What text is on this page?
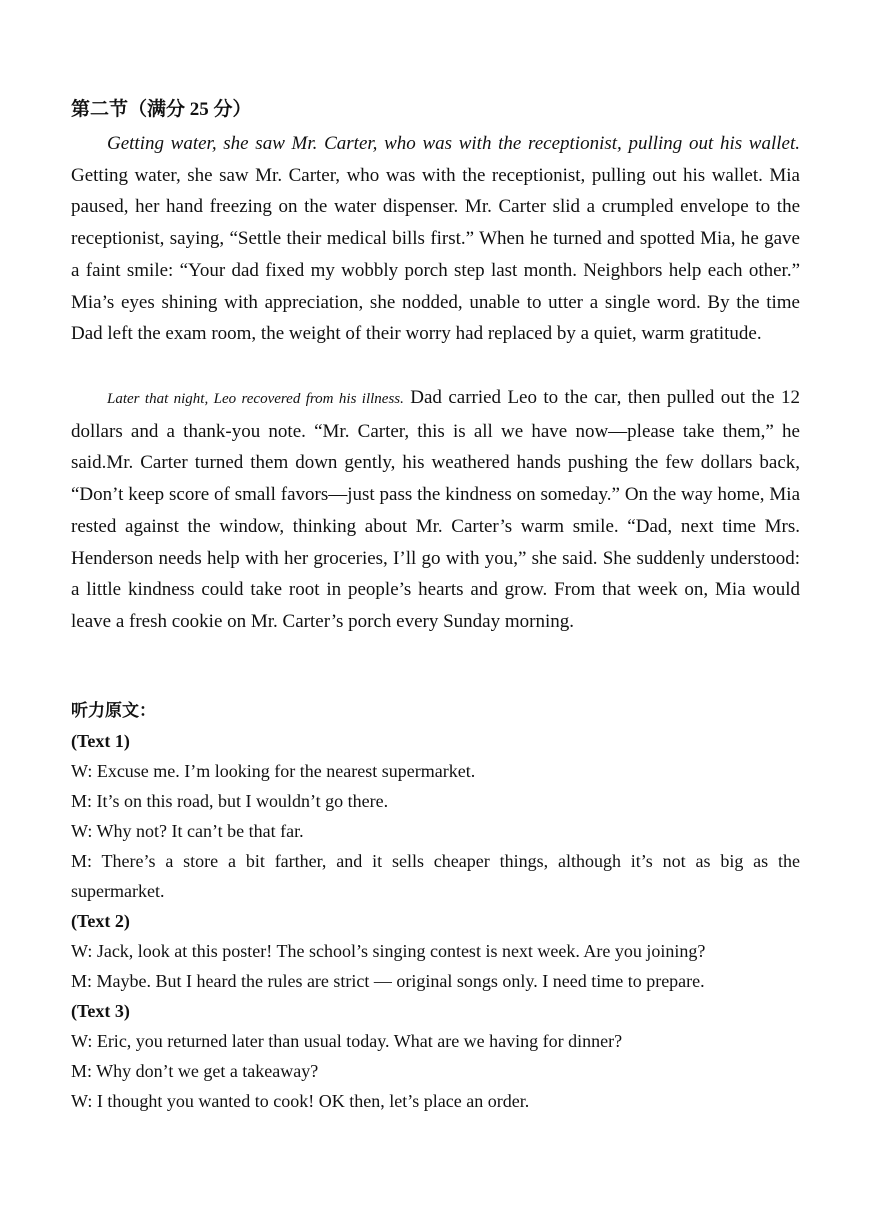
第二节（满分 25 分）

Getting water, she saw Mr. Carter, who was with the receptionist, pulling out his wallet. Getting water, she saw Mr. Carter, who was with the receptionist, pulling out his wallet. Mia paused, her hand freezing on the water dispenser. Mr. Carter slid a crumpled envelope to the receptionist, saying, “Settle their medical bills first.” When he turned and spotted Mia, he gave a faint smile: “Your dad fixed my wobbly porch step last month. Neighbors help each other.” Mia’s eyes shining with appreciation, she nodded, unable to utter a single word. By the time Dad left the exam room, the weight of their worry had replaced by a quiet, warm gratitude.

Later that night, Leo recovered from his illness. Dad carried Leo to the car, then pulled out the 12 dollars and a thank-you note. “Mr. Carter, this is all we have now—please take them,” he said.Mr. Carter turned them down gently, his weathered hands pushing the few dollars back, “Don’t keep score of small favors—just pass the kindness on someday.” On the way home, Mia rested against the window, thinking about Mr. Carter’s warm smile. “Dad, next time Mrs. Henderson needs help with her groceries, I’ll go with you,” she said. She suddenly understood: a little kindness could take root in people’s hearts and grow. From that week on, Mia would leave a fresh cookie on Mr. Carter’s porch every Sunday morning.

听力原文：
(Text 1)
W: Excuse me. I’m looking for the nearest supermarket.
M: It’s on this road, but I wouldn’t go there.
W: Why not? It can’t be that far.
M: There’s a store a bit farther, and it sells cheaper things, although it’s not as big as the supermarket.
(Text 2)
W: Jack, look at this poster! The school’s singing contest is next week. Are you joining?
M: Maybe. But I heard the rules are strict — original songs only. I need time to prepare.
(Text 3)
W: Eric, you returned later than usual today. What are we having for dinner?
M: Why don’t we get a takeaway?
W: I thought you wanted to cook! OK then, let’s place an order.
